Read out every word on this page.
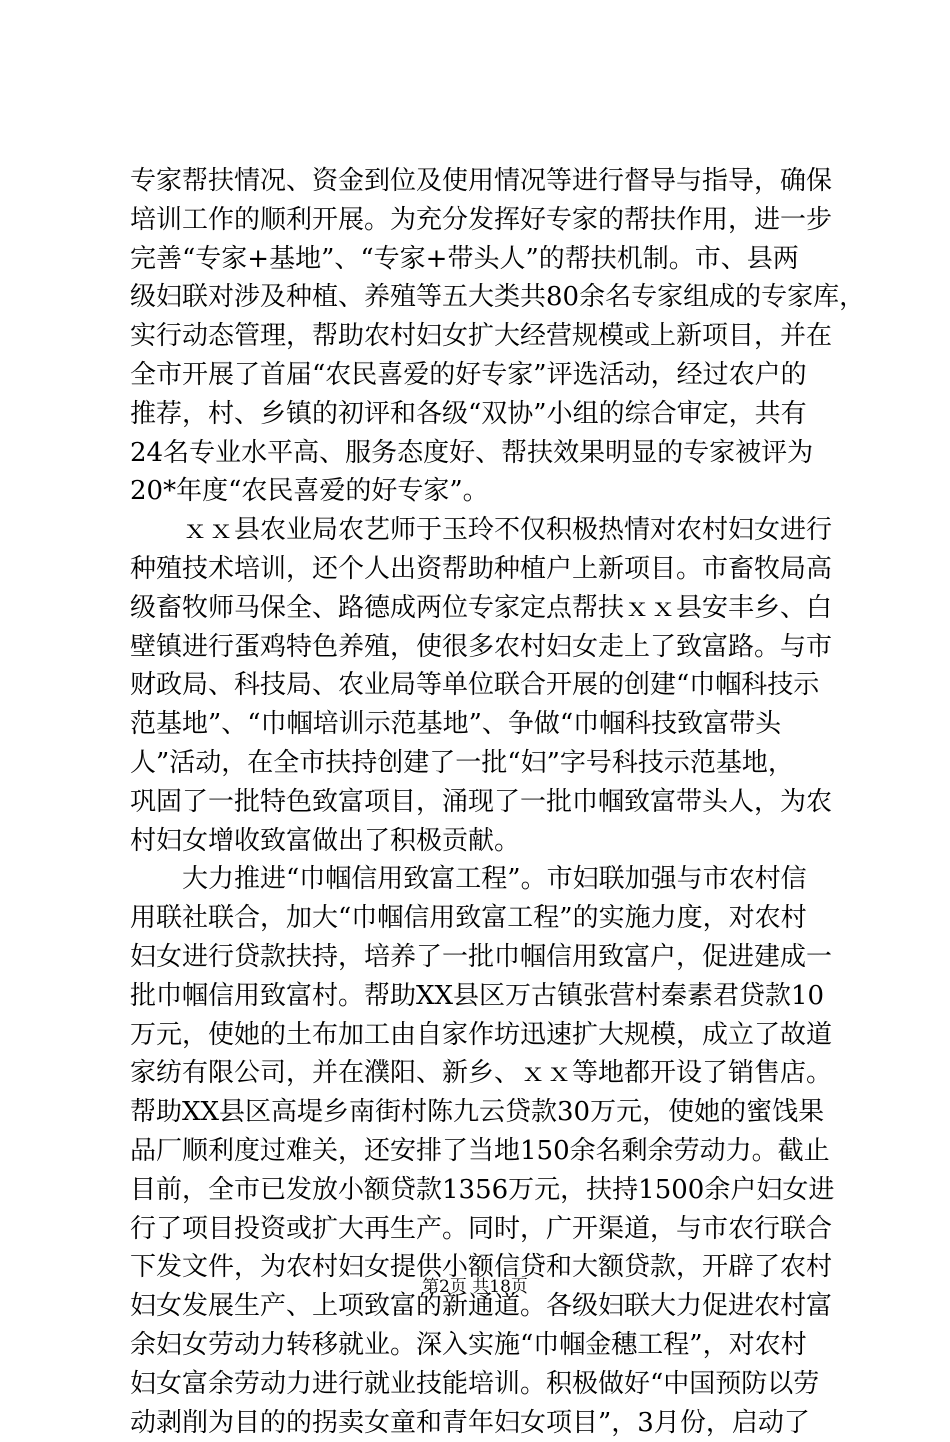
专家帮扶情况、资金到位及使用情况等进行督导与指导，确保
培训工作的顺利开展。为充分发挥好专家的帮扶作用，进一步
完善“专家+基地”、“专家+带头人”的帮扶机制。市、县两
级妇联对涉及种植、养殖等五大类共80余名专家组成的专家库，
实行动态管理，帮助农村妇女扩大经营规模或上新项目，并在
全市开展了首届“农民喜爱的好专家”评选活动，经过农户的
推荐，村、乡镇的初评和各级“双协”小组的综合审定，共有
24名专业水平高、服务态度好、帮扶效果明显的专家被评为
20*年度“农民喜爱的好专家”。
ｘｘ县农业局农艺师于玉玲不仅积极热情对农村妇女进行
种殖技术培训，还个人出资帮助种植户上新项目。市畜牧局高
级畜牧师马保全、路德成两位专家定点帮扶ｘｘ县安丰乡、白
壁镇进行蛋鸡特色养殖，使很多农村妇女走上了致富路。与市
财政局、科技局、农业局等单位联合开展的创建“巾帼科技示
范基地”、“巾帼培训示范基地”、争做“巾帼科技致富带头
人”活动，在全市扶持创建了一批“妇”字号科技示范基地，
巩固了一批特色致富项目，涌现了一批巾帼致富带头人，为农
村妇女增收致富做出了积极贡献。
大力推进“巾帼信用致富工程”。市妇联加强与市农村信
用联社联合，加大“巾帼信用致富工程”的实施力度，对农村
妇女进行贷款扶持，培养了一批巾帼信用致富户，促进建成一
批巾帼信用致富村。帮助XX县区万古镇张营村秦素君贷款10
万元，使她的土布加工由自家作坊迅速扩大规模，成立了故道
家纺有限公司，并在濮阳、新乡、ｘｘ等地都开设了销售店。
帮助XX县区高堤乡南街村陈九云贷款30万元，使她的蜜饯果
品厂顺利度过难关，还安排了当地150余名剩余劳动力。截止
目前，全市已发放小额贷款1356万元，扶持1500余户妇女进
行了项目投资或扩大再生产。同时，广开渠道，与市农行联合
下发文件，为农村妇女提供小额信贷和大额贷款，开辟了农村
妇女发展生产、上项致富的新通道。各级妇联大力促进农村富
余妇女劳动力转移就业。深入实施“巾帼金穗工程”，对农村
妇女富余劳动力进行就业技能培训。积极做好“中国预防以劳
动剥削为目的的拐卖女童和青年妇女项目”，3月份，启动了
第2页 共18页
